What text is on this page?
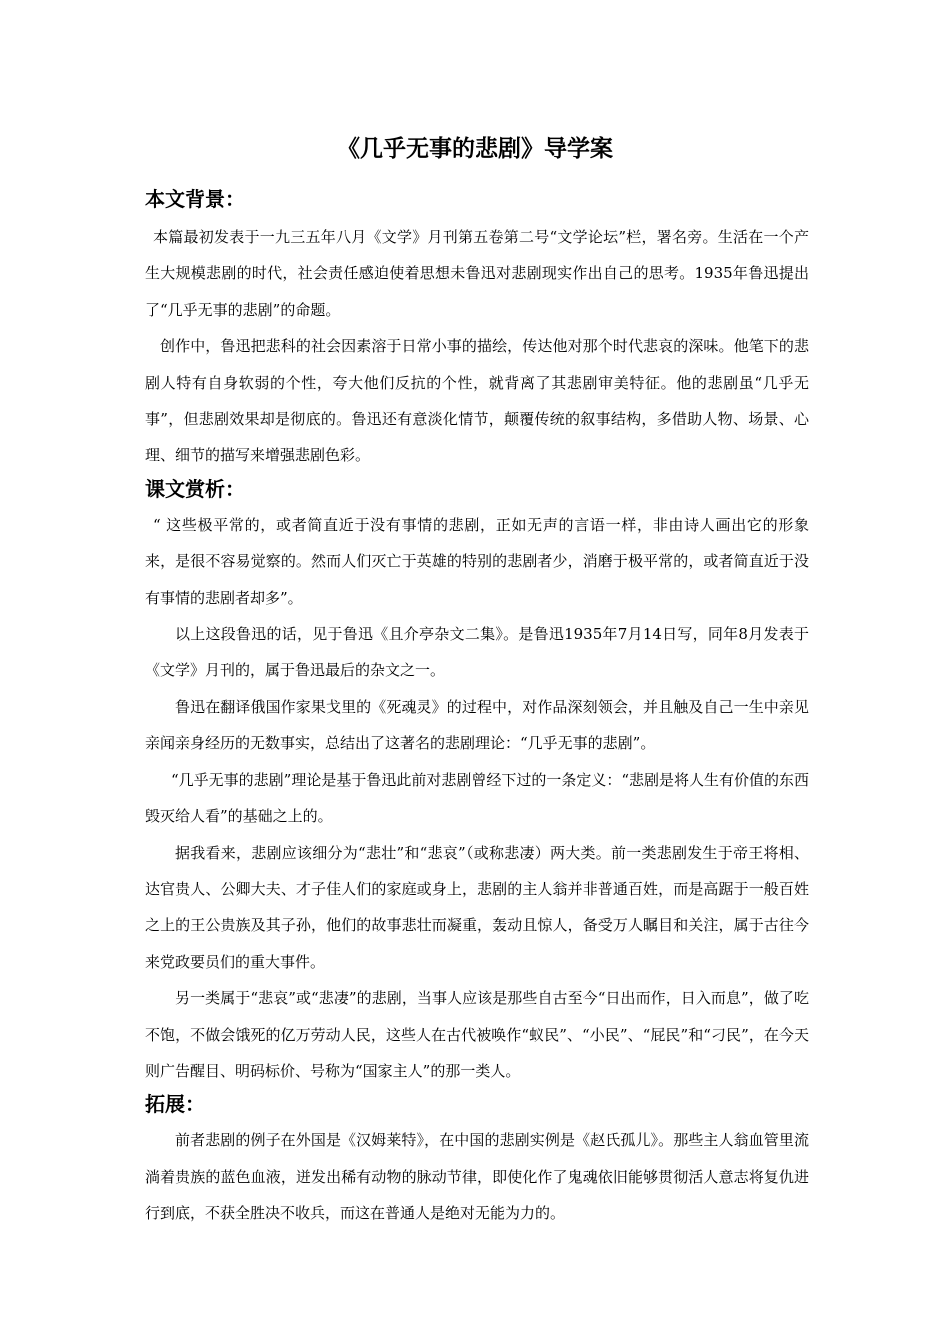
《几乎无事的悲剧》导学案
本文背景：

本篇最初发表于一九三五年八月《文学》月刊第五卷第二号“文学论坛”栏，署名旁。生活在一个产生大规模悲剧的时代，社会责任感迫使着思想未鲁迅对悲剧现实作出自己的思考。1935年鲁迅提出了“几乎无事的悲剧”的命题。

创作中，鲁迅把悲科的社会因素溶于日常小事的描绘，传达他对那个时代悲哀的深味。他笔下的悲剧人特有自身软弱的个性，夸大他们反抗的个性，就背离了其悲剧审美特征。他的悲剧虽“几乎无事”，但悲剧效果却是彻底的。鲁迅还有意淡化情节，颠覆传统的叙事结构，多借助人物、场景、心理、细节的描写来增强悲剧色彩。

课文赏析：

“ 这些极平常的，或者简直近于没有事情的悲剧，正如无声的言语一样，非由诗人画出它的形象来，是很不容易觉察的。然而人们灭亡于英雄的特别的悲剧者少，消磨于极平常的，或者简直近于没有事情的悲剧者却多”。

以上这段鲁迅的话，见于鲁迅《且介亭杂文二集》。是鲁迅1935年7月14日写，同年8月发表于《文学》月刊的，属于鲁迅最后的杂文之一。

鲁迅在翻译俄国作家果戈里的《死魂灵》的过程中，对作品深刻领会，并且触及自己一生中亲见亲闻亲身经历的无数事实，总结出了这著名的悲剧理论：“几乎无事的悲剧”。

“几乎无事的悲剧”理论是基于鲁迅此前对悲剧曾经下过的一条定义：“悲剧是将人生有价值的东西毁灭给人看”的基础之上的。

据我看来，悲剧应该细分为“悲壮”和“悲哀”（或称悲凄）两大类。前一类悲剧发生于帝王将相、达官贵人、公卿大夫、才子佳人们的家庭或身上，悲剧的主人翁并非普通百姓，而是高踞于一般百姓之上的王公贵族及其子孙，他们的故事悲壮而凝重，轰动且惊人，备受万人瞩目和关注，属于古往今来党政要员们的重大事件。

另一类属于“悲哀”或“悲凄”的悲剧，当事人应该是那些自古至今“日出而作，日入而息”，做了吃不饱，不做会饿死的亿万劳动人民，这些人在古代被唤作“蚁民”、“小民”、“屁民”和“刁民”，在今天则广告醒目、明码标价、号称为“国家主人”的那一类人。

拓展：

前者悲剧的例子在外国是《汉姆莱特》，在中国的悲剧实例是《赵氏孤儿》。那些主人翁血管里流淌着贵族的蓝色血液，迸发出稀有动物的脉动节律，即使化作了鬼魂依旧能够贯彻活人意志将复仇进行到底，不获全胜决不收兵，而这在普通人是绝对无能为力的。
